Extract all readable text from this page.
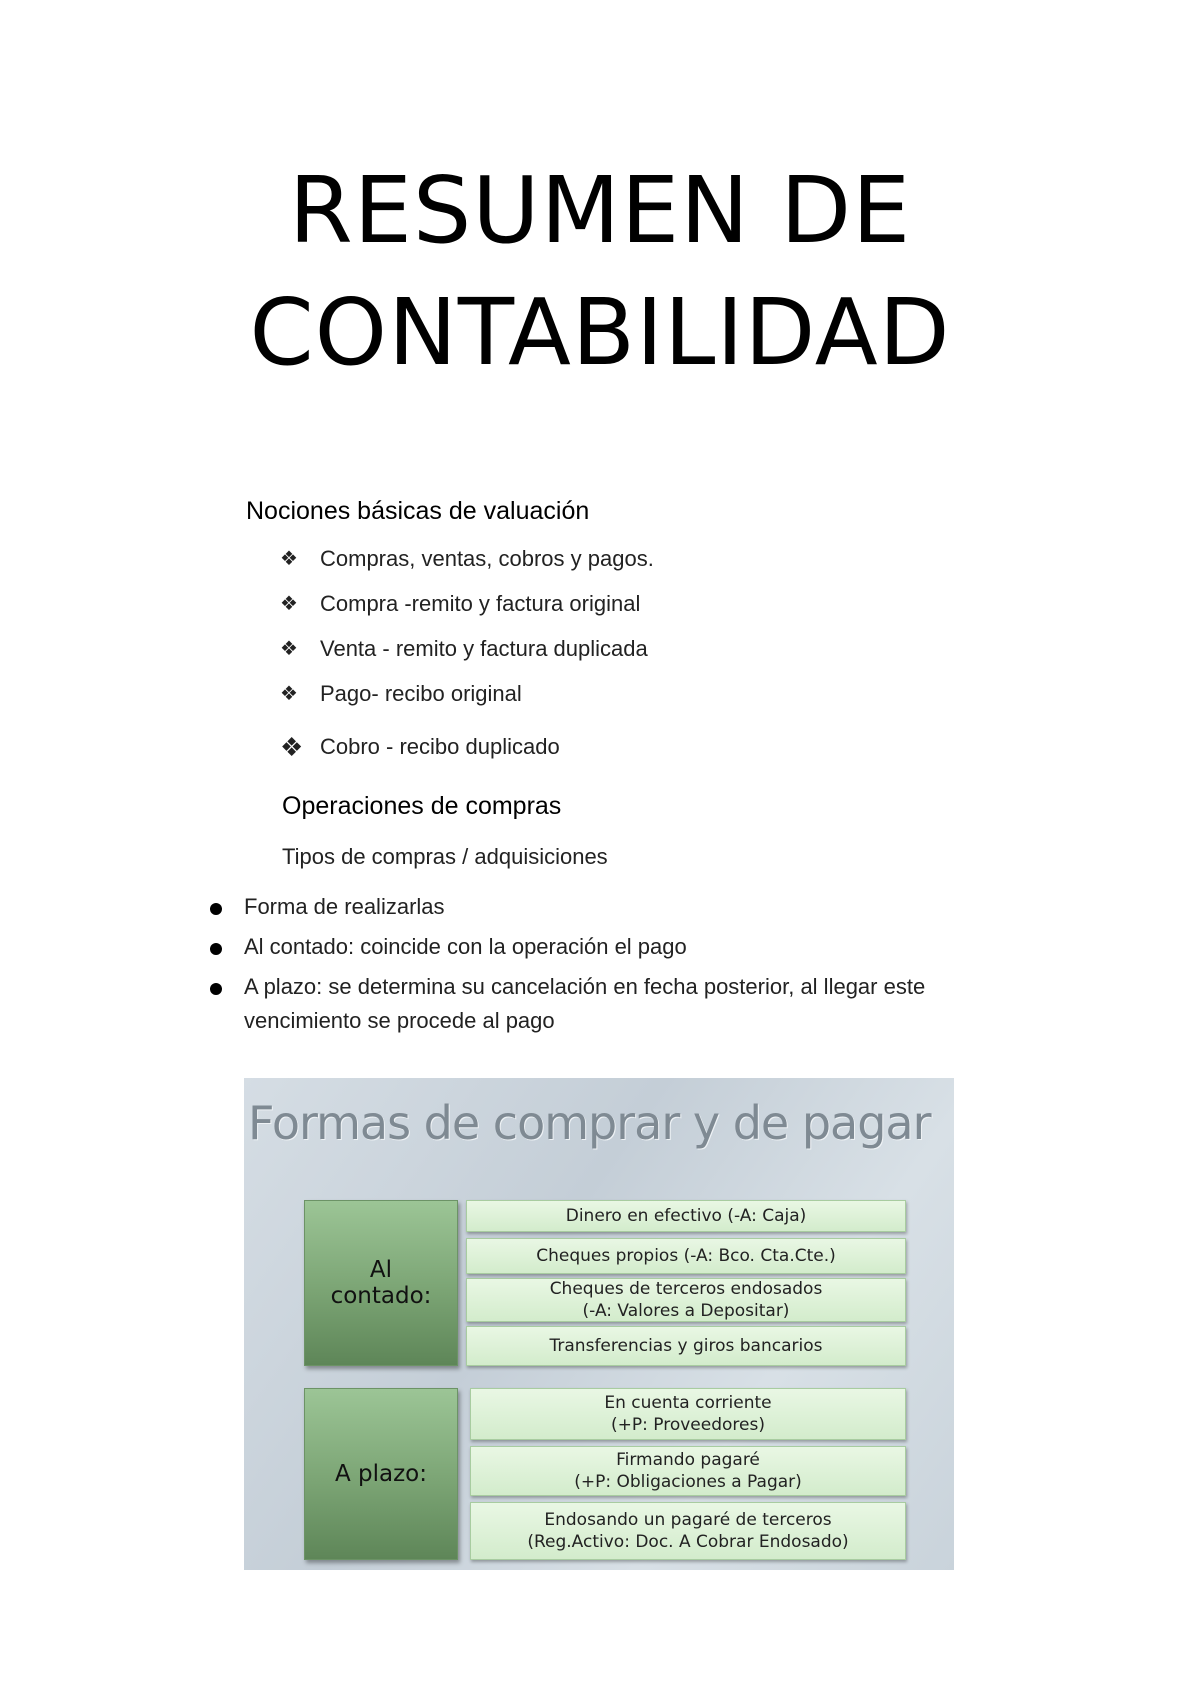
RESUMEN DE
CONTABILIDAD
Nociones básicas de valuación
❖	Compras, ventas, cobros y pagos.
❖	Compra -remito y factura original
❖	Venta - remito y factura duplicada
❖	Pago- recibo original
❖ Cobro - recibo duplicado
Operaciones de compras
Tipos de compras / adquisiciones
Forma de realizarlas
Al contado: coincide con la operación el pago
A plazo: se determina su cancelación en fecha posterior, al llegar este vencimiento se procede al pago
Formas de comprar y de pagar
Al
contado:
Dinero en efectivo (-A: Caja)
Cheques propios (-A: Bco. Cta.Cte.)
Cheques de terceros endosados
(-A: Valores a Depositar)
Transferencias y giros bancarios
A plazo:
En cuenta corriente
(+P: Proveedores)
Firmando pagaré
(+P: Obligaciones a Pagar)
Endosando un pagaré de terceros
(Reg.Activo: Doc. A Cobrar Endosado)
